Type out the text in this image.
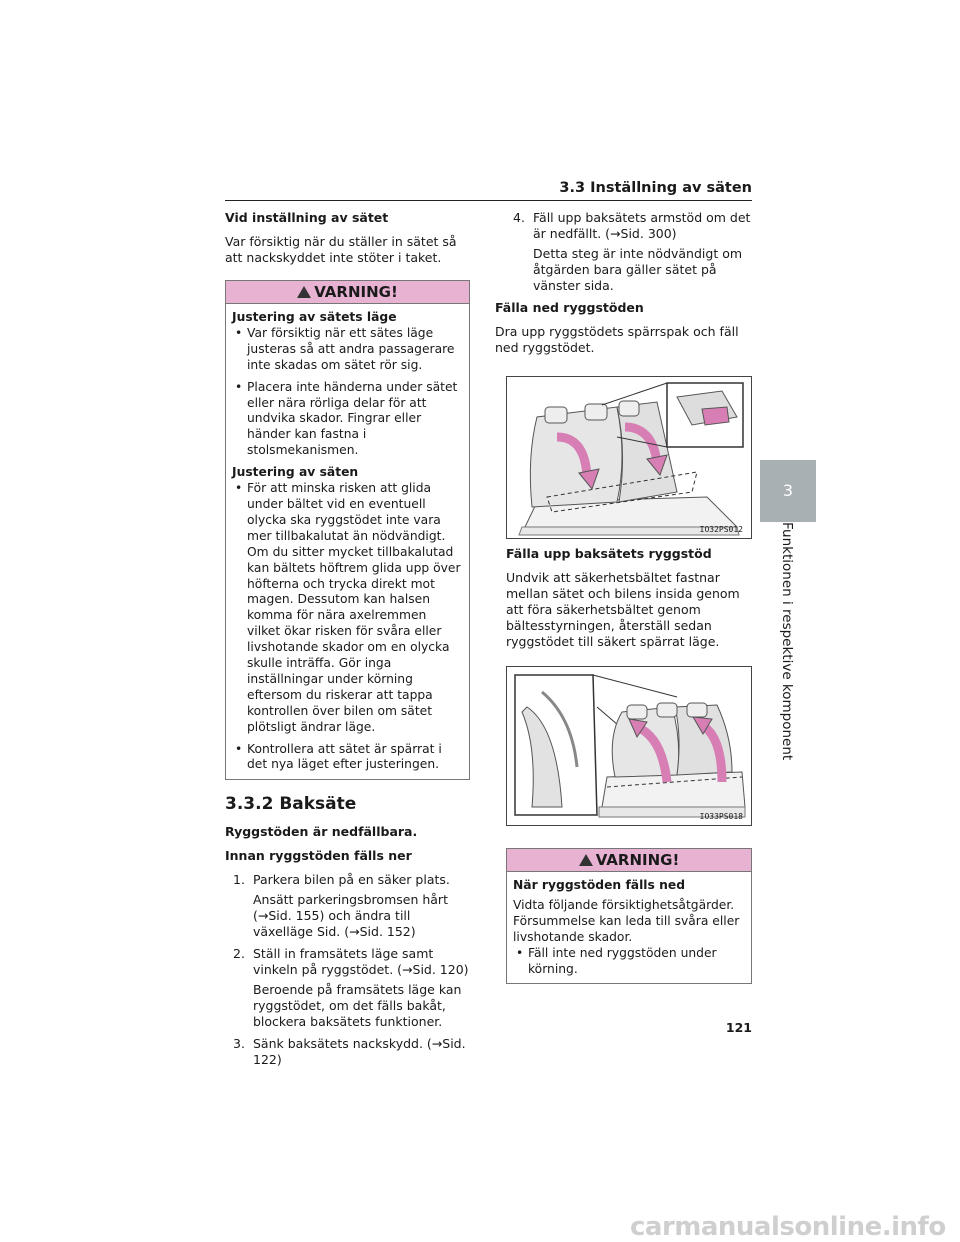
3.3 Inställning av säten
3
Funktionen i respektive komponent
Vid inställning av sätet

Var försiktig när du ställer in sätet så att nackskyddet inte stöter i taket.

VARNING!
Justering av sätets läge
• Var försiktig när ett sätes läge justeras så att andra passagerare inte skadas om sätet rör sig.
• Placera inte händerna under sätet eller nära rörliga delar för att undvika skador. Fingrar eller händer kan fastna i stolsmekanismen.
Justering av säten
• För att minska risken att glida under bältet vid en eventuell olycka ska ryggstödet inte vara mer tillbakalutat än nödvändigt. Om du sitter mycket tillbakalutad kan bältets höftrem glida upp över höfterna och trycka direkt mot magen. Dessutom kan halsen komma för nära axelremmen vilket ökar risken för svåra eller livshotande skador om en olycka skulle inträffa. Gör inga inställningar under körning eftersom du riskerar att tappa kontrollen över bilen om sätet plötsligt ändrar läge.
• Kontrollera att sätet är spärrat i det nya läget efter justeringen.
3.3.2 Baksäte
Ryggstöden är nedfällbara.
Innan ryggstöden fälls ner
1. Parkera bilen på en säker plats.
Ansätt parkeringsbromsen hårt (→Sid. 155) och ändra till växelläge Sid. (→Sid. 152)
2. Ställ in framsätets läge samt vinkeln på ryggstödet. (→Sid. 120)
Beroende på framsätets läge kan ryggstödet, om det fälls bakåt, blockera baksätets funktioner.
3. Sänk baksätets nackskydd. (→Sid. 122)
4. Fäll upp baksätets armstöd om det är nedfällt. (→Sid. 300)
Detta steg är inte nödvändigt om åtgärden bara gäller sätet på vänster sida.
Fälla ned ryggstöden

Dra upp ryggstödets spärrspak och fäll ned ryggstödet.

IO32PS012
Fälla upp baksätets ryggstöd

Undvik att säkerhetsbältet fastnar mellan sätet och bilens insida genom att föra säkerhetsbältet genom bältesstyrningen, återställ sedan ryggstödet till säkert spärrat läge.

IO33PS018
VARNING!
När ryggstöden fälls ned
Vidta följande försiktighetsåtgärder. Försummelse kan leda till svåra eller livshotande skador.
• Fäll inte ned ryggstöden under körning.
121
carmanualsonline.info
